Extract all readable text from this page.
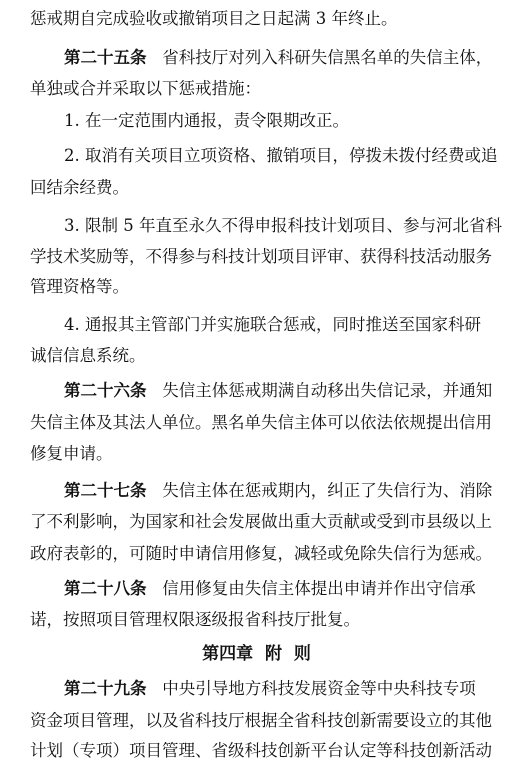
惩戒期自完成验收或撤销项目之日起满 3 年终止。
第二十五条 省科技厅对列入科研失信黑名单的失信主体，
单独或合并采取以下惩戒措施：
1. 在一定范围内通报，责令限期改正。
2. 取消有关项目立项资格、撤销项目，停拨未拨付经费或追
回结余经费。
3. 限制 5 年直至永久不得申报科技计划项目、参与河北省科
学技术奖励等，不得参与科技计划项目评审、获得科技活动服务
管理资格等。
4. 通报其主管部门并实施联合惩戒，同时推送至国家科研
诚信信息系统。
第二十六条 失信主体惩戒期满自动移出失信记录，并通知
失信主体及其法人单位。黑名单失信主体可以依法依规提出信用
修复申请。
第二十七条 失信主体在惩戒期内，纠正了失信行为、消除
了不利影响，为国家和社会发展做出重大贡献或受到市县级以上
政府表彰的，可随时申请信用修复，减轻或免除失信行为惩戒。
第二十八条 信用修复由失信主体提出申请并作出守信承
诺，按照项目管理权限逐级报省科技厅批复。
第四章  附  则
第二十九条 中央引导地方科技发展资金等中央科技专项
资金项目管理，以及省科技厅根据全省科技创新需要设立的其他
计划（专项）项目管理、省级科技创新平台认定等科技创新活动
